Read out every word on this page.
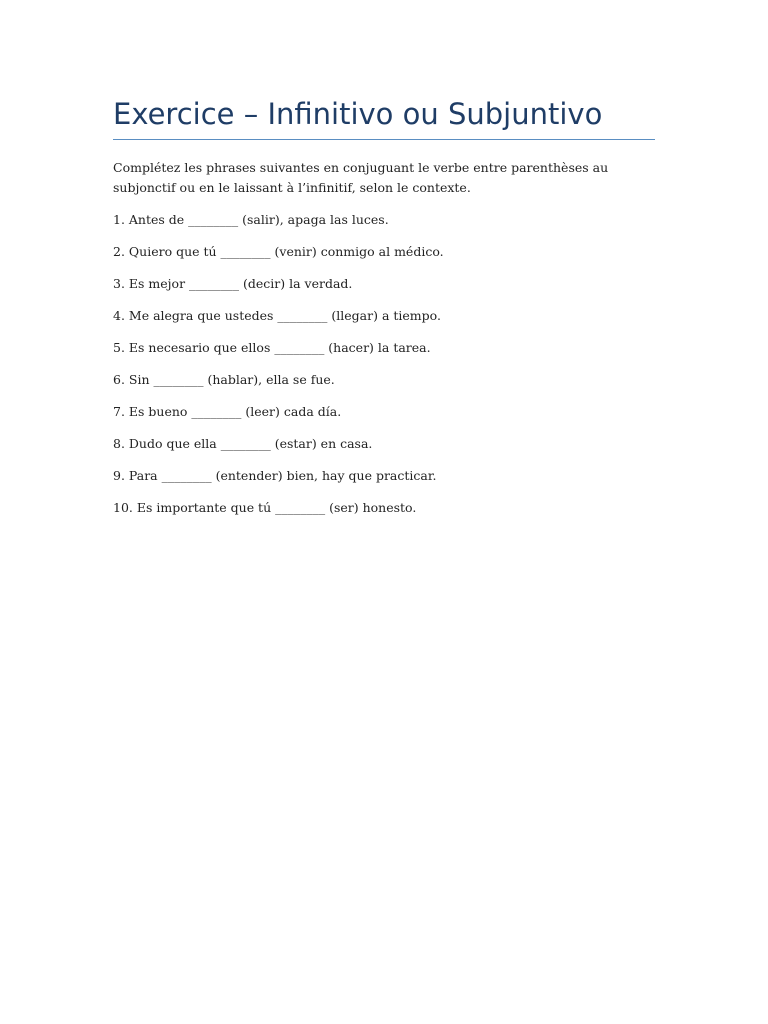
Exercice – Infinitivo ou Subjuntivo

Complétez les phrases suivantes en conjuguant le verbe entre parenthèses au subjonctif ou en le laissant à l’infinitif, selon le contexte.

1. Antes de ________ (salir), apaga las luces.
2. Quiero que tú ________ (venir) conmigo al médico.
3. Es mejor ________ (decir) la verdad.
4. Me alegra que ustedes ________ (llegar) a tiempo.
5. Es necesario que ellos ________ (hacer) la tarea.
6. Sin ________ (hablar), ella se fue.
7. Es bueno ________ (leer) cada día.
8. Dudo que ella ________ (estar) en casa.
9. Para ________ (entender) bien, hay que practicar.
10. Es importante que tú ________ (ser) honesto.
